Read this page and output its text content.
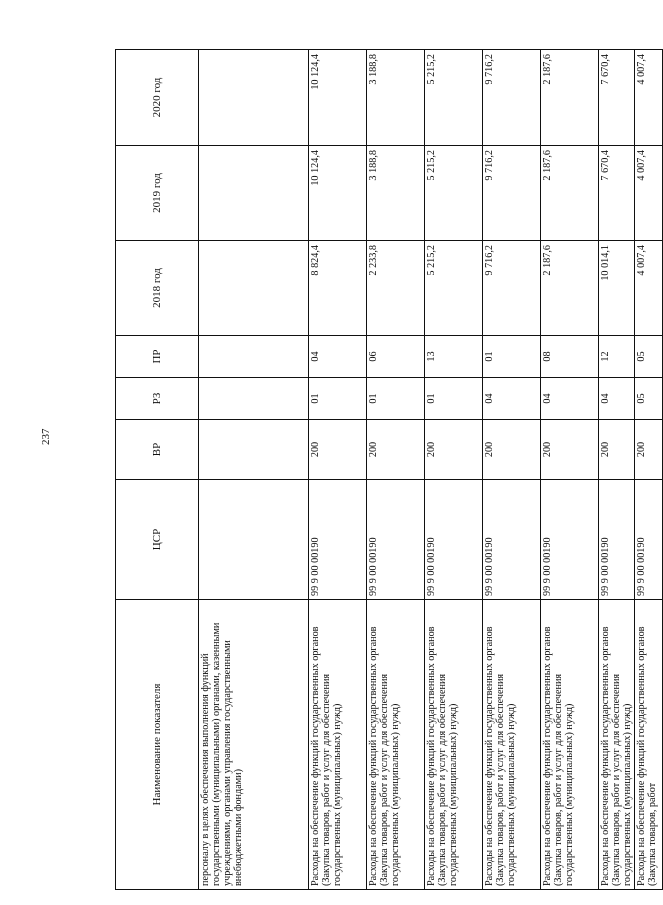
237
Наименование показателя	ЦСР	ВР	РЗ	ПР	2018 год	2019 год	2020 год
персоналу в целях обеспечения выполнения функций государственными (муниципальными) органами, казенными учреждениями, органами управления государственными внебюджетными фондами)							
Расходы на обеспечение функций государственных органов (Закупка товаров, работ и услуг для обеспечения государственных (муниципальных) нужд)	99 9 00 00190	200	01	04	8 824,4	10 124,4	10 124,4
Расходы на обеспечение функций государственных органов (Закупка товаров, работ и услуг для обеспечения государственных (муниципальных) нужд)	99 9 00 00190	200	01	06	2 233,8	3 188,8	3 188,8
Расходы на обеспечение функций государственных органов (Закупка товаров, работ и услуг для обеспечения государственных (муниципальных) нужд)	99 9 00 00190	200	01	13	5 215,2	5 215,2	5 215,2
Расходы на обеспечение функций государственных органов (Закупка товаров, работ и услуг для обеспечения государственных (муниципальных) нужд)	99 9 00 00190	200	04	01	9 716,2	9 716,2	9 716,2
Расходы на обеспечение функций государственных органов (Закупка товаров, работ и услуг для обеспечения государственных (муниципальных) нужд)	99 9 00 00190	200	04	08	2 187,6	2 187,6	2 187,6
Расходы на обеспечение функций государственных органов (Закупка товаров, работ и услуг для обеспечения государственных (муниципальных) нужд)	99 9 00 00190	200	04	12	10 014,1	7 670,4	7 670,4
Расходы на обеспечение функций государственных органов (Закупка товаров, работ	99 9 00 00190	200	05	05	4 007,4	4 007,4	4 007,4
